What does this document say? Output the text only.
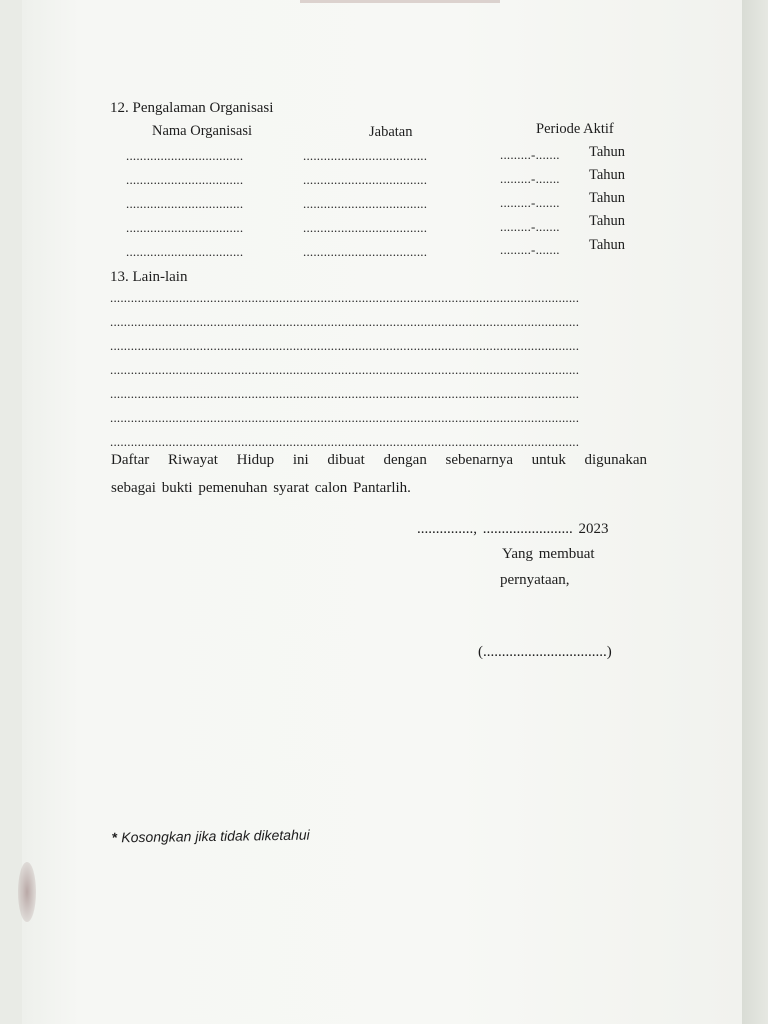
12. Pengalaman Organisasi
Nama Organisasi	Jabatan	Periode Aktif
..................................	....................................	.........-.......	Tahun
..................................	....................................	.........-.......	Tahun
..................................	....................................	.........-.......	Tahun
..................................	....................................	.........-.......	Tahun
..................................	....................................	.........-.......	Tahun
13. Lain-lain
........................................................................................................................................
........................................................................................................................................
........................................................................................................................................
........................................................................................................................................
........................................................................................................................................
........................................................................................................................................
........................................................................................................................................
Daftar Riwayat Hidup ini dibuat dengan sebenarnya untuk digunakan
sebagai bukti pemenuhan syarat calon Pantarlih.
..............., ........................ 2023
Yang membuat
pernyataan,
(.................................)
* Kosongkan jika tidak diketahui
